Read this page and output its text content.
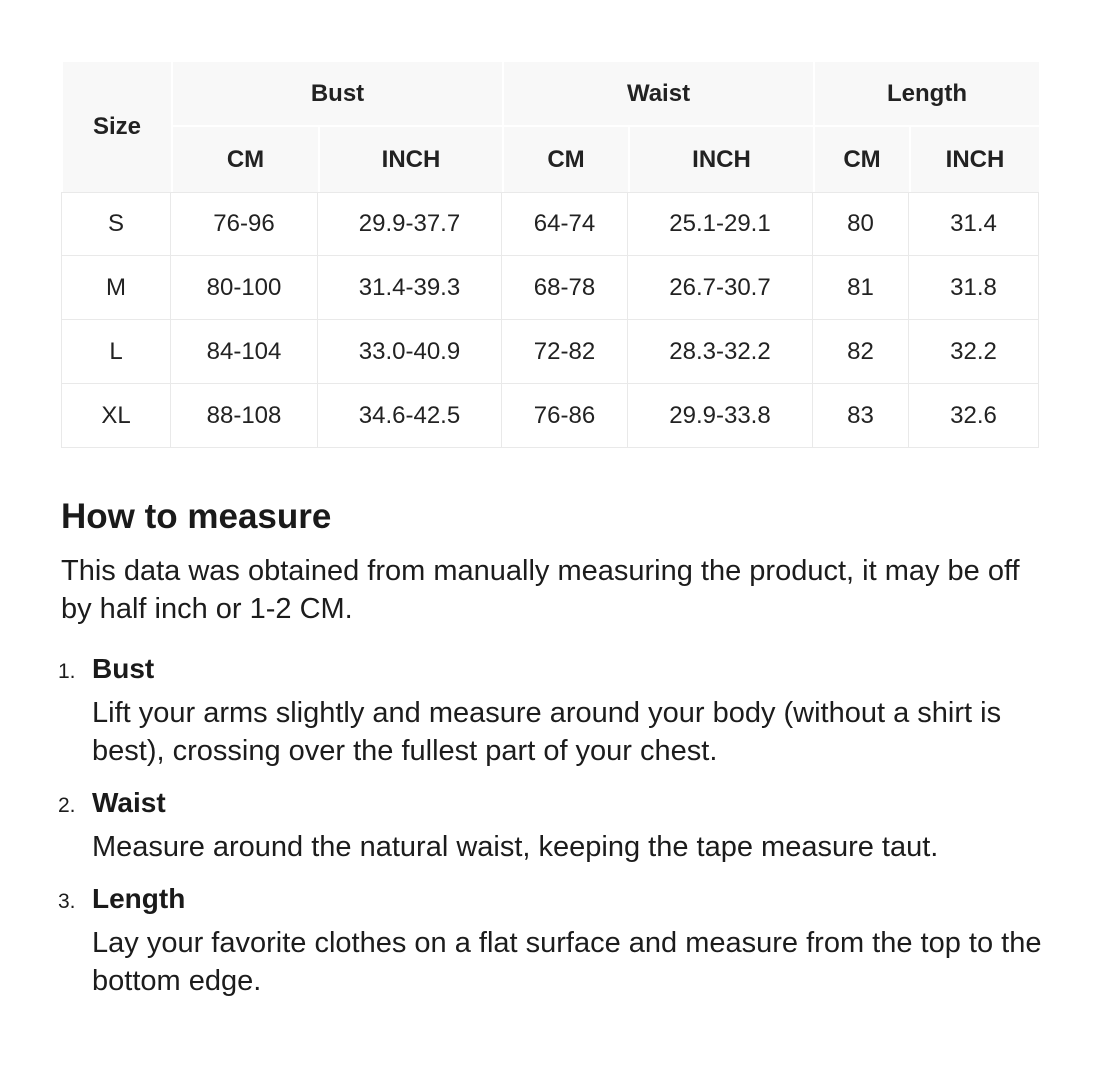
Size	Bust		Waist		Length	
	CM	INCH	CM	INCH	CM	INCH
S	76-96	29.9-37.7	64-74	25.1-29.1	80	31.4
M	80-100	31.4-39.3	68-78	26.7-30.7	81	31.8
L	84-104	33.0-40.9	72-82	28.3-32.2	82	32.2
XL	88-108	34.6-42.5	76-86	29.9-33.8	83	32.6
How to measure

This data was obtained from manually measuring the product, it may be off by half inch or 1-2 CM.

1. Bust

Lift your arms slightly and measure around your body (without a shirt is best), crossing over the fullest part of your chest.

2. Waist

Measure around the natural waist, keeping the tape measure taut.

3. Length

Lay your favorite clothes on a flat surface and measure from the top to the bottom edge.
